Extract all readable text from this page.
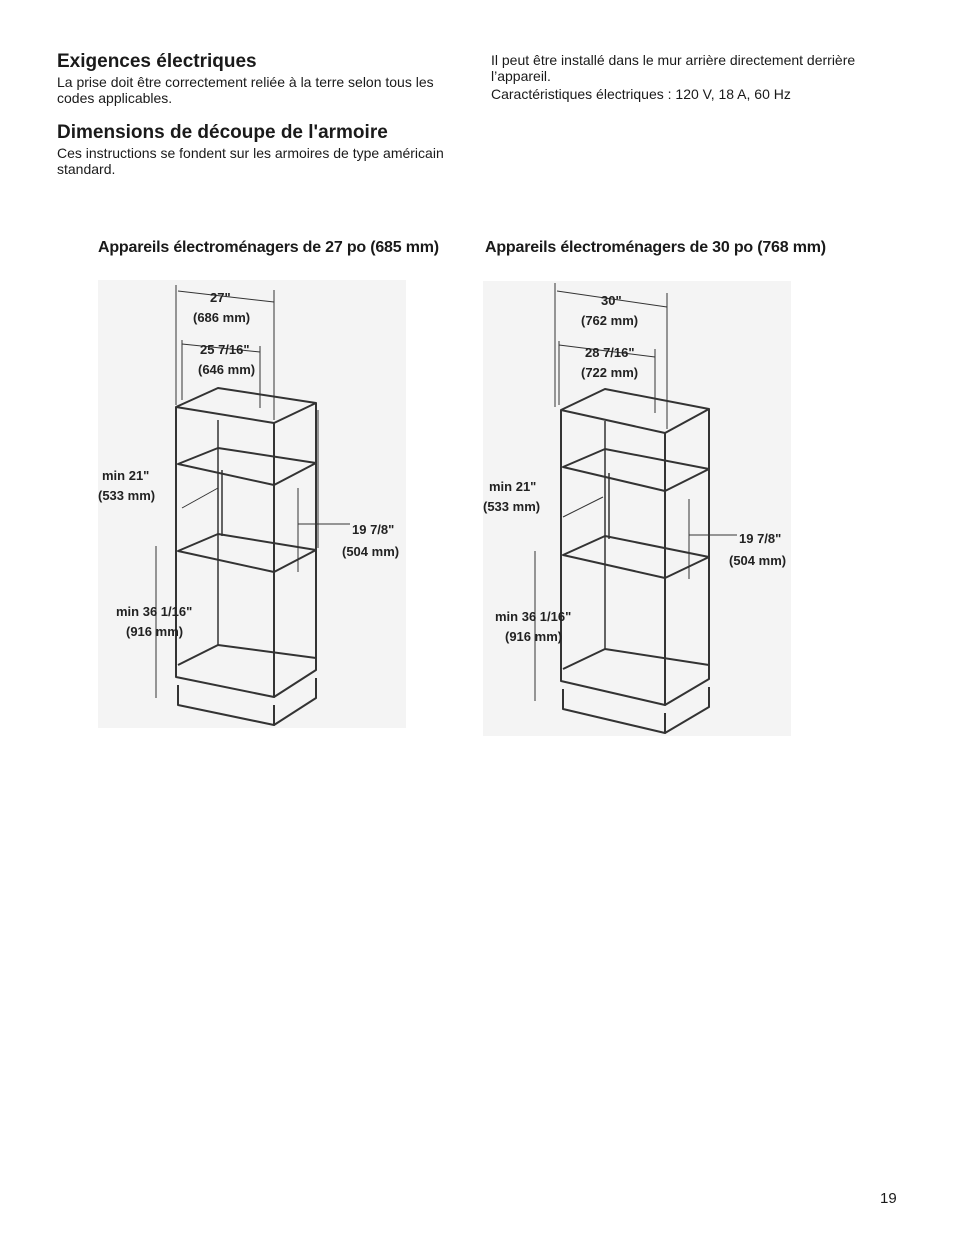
Exigences électriques

La prise doit être correctement reliée à la terre selon tous les codes applicables.

Dimensions de découpe de l'armoire

Ces instructions se fondent sur les armoires de type américain standard.

Il peut être installé dans le mur arrière directement derrière l’appareil.

Caractéristiques électriques : 120 V, 18 A, 60 Hz

Appareils électroménagers de 27 po (685 mm)	Appareils électroménagers de 30 po (768 mm)
27"
(686 mm)
25 7/16"
(646 mm)
min 21"
(533 mm)
19 7/8"
(504 mm)
min 36 1/16"
(916 mm)
30"
(762 mm)
28 7/16"
(722 mm)
min 21"
(533 mm)
19 7/8"
(504 mm)
min 36 1/16"
(916 mm)
19
